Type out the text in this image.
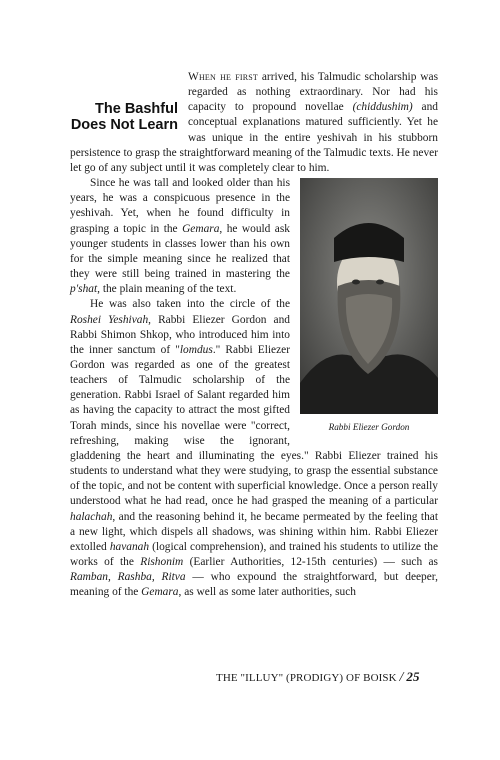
The Bashful
Does Not Learn

When he first arrived, his Talmudic scholarship was regarded as nothing extraordinary. Nor had his capacity to propound novellae (chiddushim) and conceptual explanations matured sufficiently. Yet he was unique in the entire yeshivah in his stubborn persistence to grasp the straightforward meaning of the Talmudic texts. He never let go of any subject until it was completely clear to him.

Rabbi Eliezer Gordon

Since he was tall and looked older than his years, he was a conspicuous presence in the yeshivah. Yet, when he found difficulty in grasping a topic in the Gemara, he would ask younger students in classes lower than his own for the simple meaning since he realized that they were still being trained in mastering the p'shat, the plain meaning of the text.

He was also taken into the circle of the Roshei Yeshivah, Rabbi Eliezer Gordon and Rabbi Shimon Shkop, who introduced him into the inner sanctum of "lomdus." Rabbi Eliezer Gordon was regarded as one of the greatest teachers of Talmudic scholarship of the generation. Rabbi Israel of Salant regarded him as having the capacity to attract the most gifted Torah minds, since his novellae were "correct, refreshing, making wise the ignorant, gladdening the heart and illuminating the eyes." Rabbi Eliezer trained his students to understand what they were studying, to grasp the essential substance of the topic, and not be content with superficial knowledge. Once a person really understood what he had read, once he had grasped the meaning of a particular halachah, and the reasoning behind it, he became permeated by the feeling that a new light, which dispels all shadows, was shining within him. Rabbi Eliezer extolled havanah (logical comprehension), and trained his students to utilize the works of the Rishonim (Earlier Authorities, 12-15th centuries) — such as Ramban, Rashba, Ritva — who expound the straightforward, but deeper, meaning of the Gemara, as well as some later authorities, such

THE "ILLUY" (PRODIGY) OF BOISK / 25
